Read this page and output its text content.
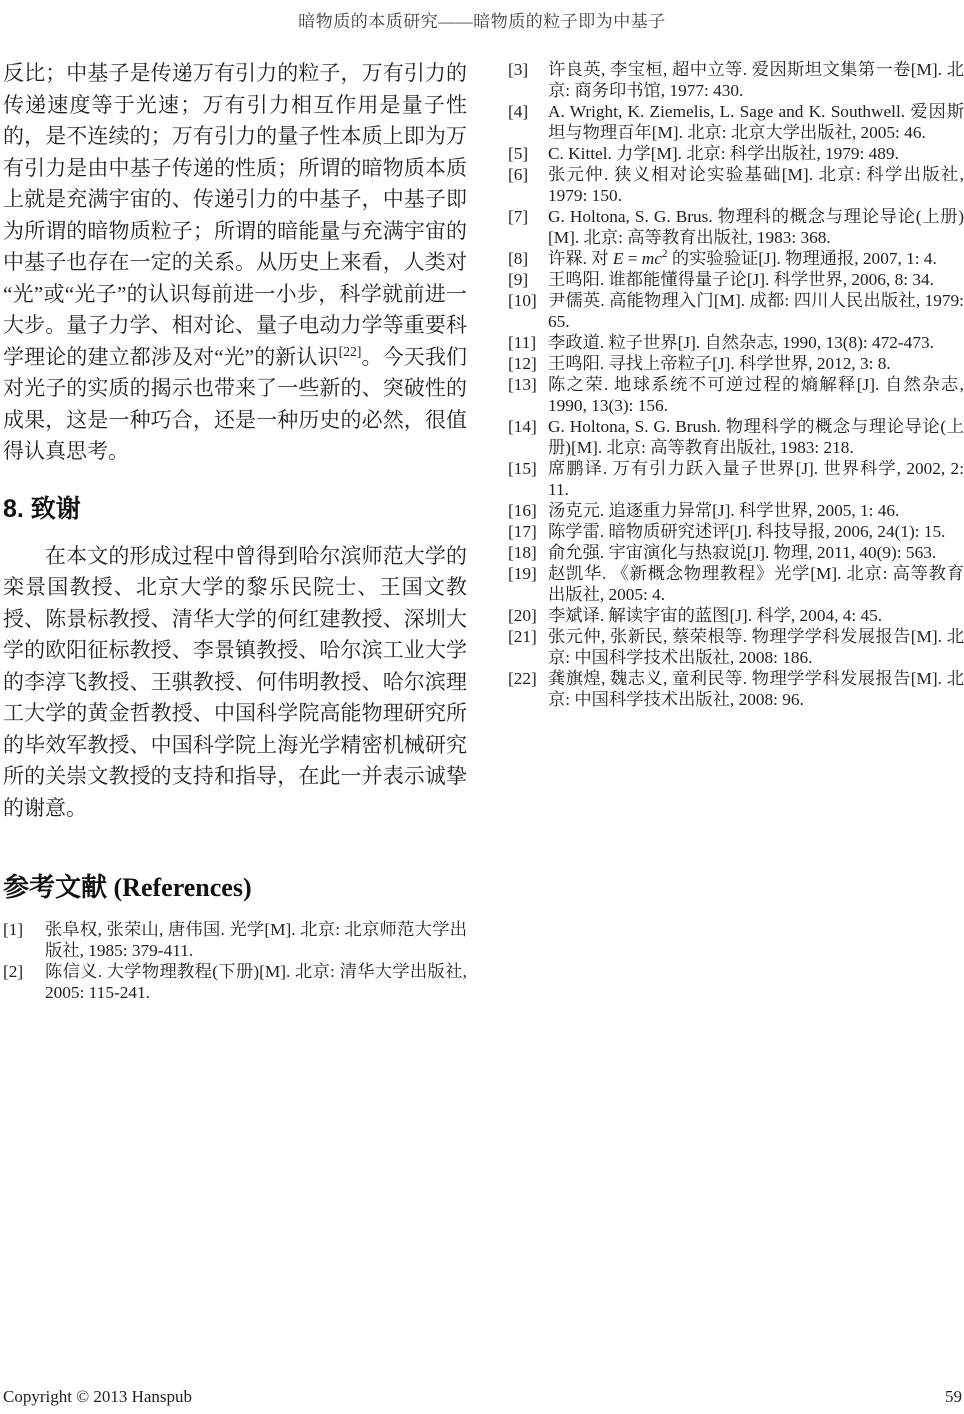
暗物质的本质研究——暗物质的粒子即为中基子

反比；中基子是传递万有引力的粒子，万有引力的传递速度等于光速；万有引力相互作用是量子性的，是不连续的；万有引力的量子性本质上即为万有引力是由中基子传递的性质；所谓的暗物质本质上就是充满宇宙的、传递引力的中基子，中基子即为所谓的暗物质粒子；所谓的暗能量与充满宇宙的中基子也存在一定的关系。从历史上来看，人类对“光”或“光子”的认识每前进一小步，科学就前进一大步。量子力学、相对论、量子电动力学等重要科学理论的建立都涉及对“光”的新认识[22]。今天我们对光子的实质的揭示也带来了一些新的、突破性的成果，这是一种巧合，还是一种历史的必然，很值得认真思考。

8. 致谢

在本文的形成过程中曾得到哈尔滨师范大学的栾景国教授、北京大学的黎乐民院士、王国文教授、陈景标教授、清华大学的何红建教授、深圳大学的欧阳征标教授、李景镇教授、哈尔滨工业大学的李淳飞教授、王骐教授、何伟明教授、哈尔滨理工大学的黄金哲教授、中国科学院高能物理研究所的毕效军教授、中国科学院上海光学精密机械研究所的关崇文教授的支持和指导，在此一并表示诚挚的谢意。

参考文献 (References)
[1] 张阜权, 张荣山, 唐伟国. 光学[M]. 北京: 北京师范大学出版社, 1985: 379-411.
[2] 陈信义. 大学物理教程(下册)[M]. 北京: 清华大学出版社, 2005: 115-241.
[3] 许良英, 李宝桓, 超中立等. 爱因斯坦文集第一卷[M]. 北京: 商务印书馆, 1977: 430.
[4] A. Wright, K. Ziemelis, L. Sage and K. Southwell. 爱因斯坦与物理百年[M]. 北京: 北京大学出版社, 2005: 46.
[5] C. Kittel. 力学[M]. 北京: 科学出版社, 1979: 489.
[6] 张元仲. 狭义相对论实验基础[M]. 北京: 科学出版社, 1979: 150.
[7] G. Holtona, S. G. Brus. 物理科的概念与理论导论(上册)[M]. 北京: 高等教育出版社, 1983: 368.
[8] 许槑. 对 $E = mc^2$ 的实验验证[J]. 物理通报, 2007, 1: 4.
[9] 王鸣阳. 谁都能懂得量子论[J]. 科学世界, 2006, 8: 34.
[10] 尹儒英. 高能物理入门[M]. 成都: 四川人民出版社, 1979: 65.
[11] 李政道. 粒子世界[J]. 自然杂志, 1990, 13(8): 472-473.
[12] 王鸣阳. 寻找上帝粒子[J]. 科学世界, 2012, 3: 8.
[13] 陈之荣. 地球系统不可逆过程的熵解释[J]. 自然杂志, 1990, 13(3): 156.
[14] G. Holtona, S. G. Brush. 物理科学的概念与理论导论(上册)[M]. 北京: 高等教育出版社, 1983: 218.
[15] 席鹏译. 万有引力跃入量子世界[J]. 世界科学, 2002, 2: 11.
[16] 汤克元. 追逐重力异常[J]. 科学世界, 2005, 1: 46.
[17] 陈学雷. 暗物质研究述评[J]. 科技导报, 2006, 24(1): 15.
[18] 俞允强. 宇宙演化与热寂说[J]. 物理, 2011, 40(9): 563.
[19] 赵凯华. 《新概念物理教程》光学[M]. 北京: 高等教育出版社, 2005: 4.
[20] 李斌译. 解读宇宙的蓝图[J]. 科学, 2004, 4: 45.
[21] 张元仲, 张新民, 蔡荣根等. 物理学学科发展报告[M]. 北京: 中国科学技术出版社, 2008: 186.
[22] 龚旗煌, 魏志义, 童利民等. 物理学学科发展报告[M]. 北京: 中国科学技术出版社, 2008: 96.
Copyright © 2013 Hanspub	59
